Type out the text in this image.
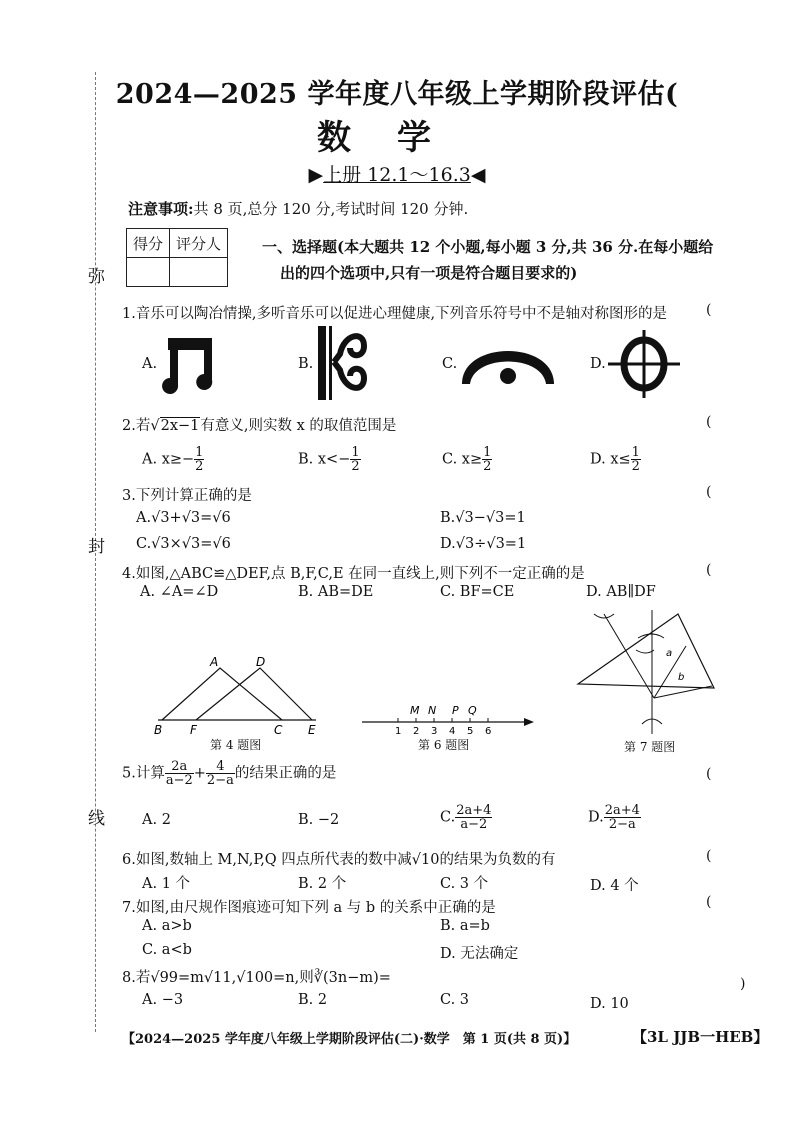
弥
封
线
2024—2025 学年度八年级上学期阶段评估(
数学
▶上册 12.1～16.3◀
注意事项:共 8 页,总分 120 分,考试时间 120 分钟.
得分	评分人
		一、选择题(本大题共 12 个小题,每小题 3 分,共 36 分.在每小题给
出的四个选项中,只有一项是符合题目要求的)
1.音乐可以陶冶情操,多听音乐可以促进心理健康,下列音乐符号中不是轴对称图形的是	(
A.	B.	C.	D.
2.若√2x−1有意义,则实数 x 的取值范围是	(
A. $x\ge- \frac{1}{2}$	B. $x<- \frac{1}{2}$	C. $x\ge \frac{1}{2}$	D. $x\le \frac{1}{2}$
3.下列计算正确的是	(
A.√3+√3=√6	B.√3−√3=1
C.√3×√3=√6	D.√3÷√3=1
4.如图,△ABC≌△DEF,点 B,F,C,E 在同一直线上,则下列不一定正确的是	(
A. ∠A=∠D	B. AB=DE	C. BF=CE	D. AB∥DF
A	D
B F	C E
第 4 题图
1 2 3 4 5 6
M N P Q
第 6 题图
a
b
第 7 题图
5.计算 $\frac{2a}{a-2} + \frac{4}{2-a}$ 的结果正确的是	(
A. 2	B. −2	C. $\frac{2a+4}{a-2}$	D. $\frac{2a+4}{2-a}$
6.如图,数轴上 M,N,P,Q 四点所代表的数中减√10的结果为负数的有	(
A. 1 个	B. 2 个	C. 3 个	D. 4 个
7.如图,由尺规作图痕迹可知下列 a 与 b 的关系中正确的是	(
A. a>b	B. a=b
C. a<b	D. 无法确定
8.若√99=m√11,√100=n,则∛(3n−m)=	)
A. −3	B. 2	C. 3	D. 10
【2024—2025 学年度八年级上学期阶段评估(二)·数学　第 1 页(共 8 页)】	【3L JJB一HEB】
